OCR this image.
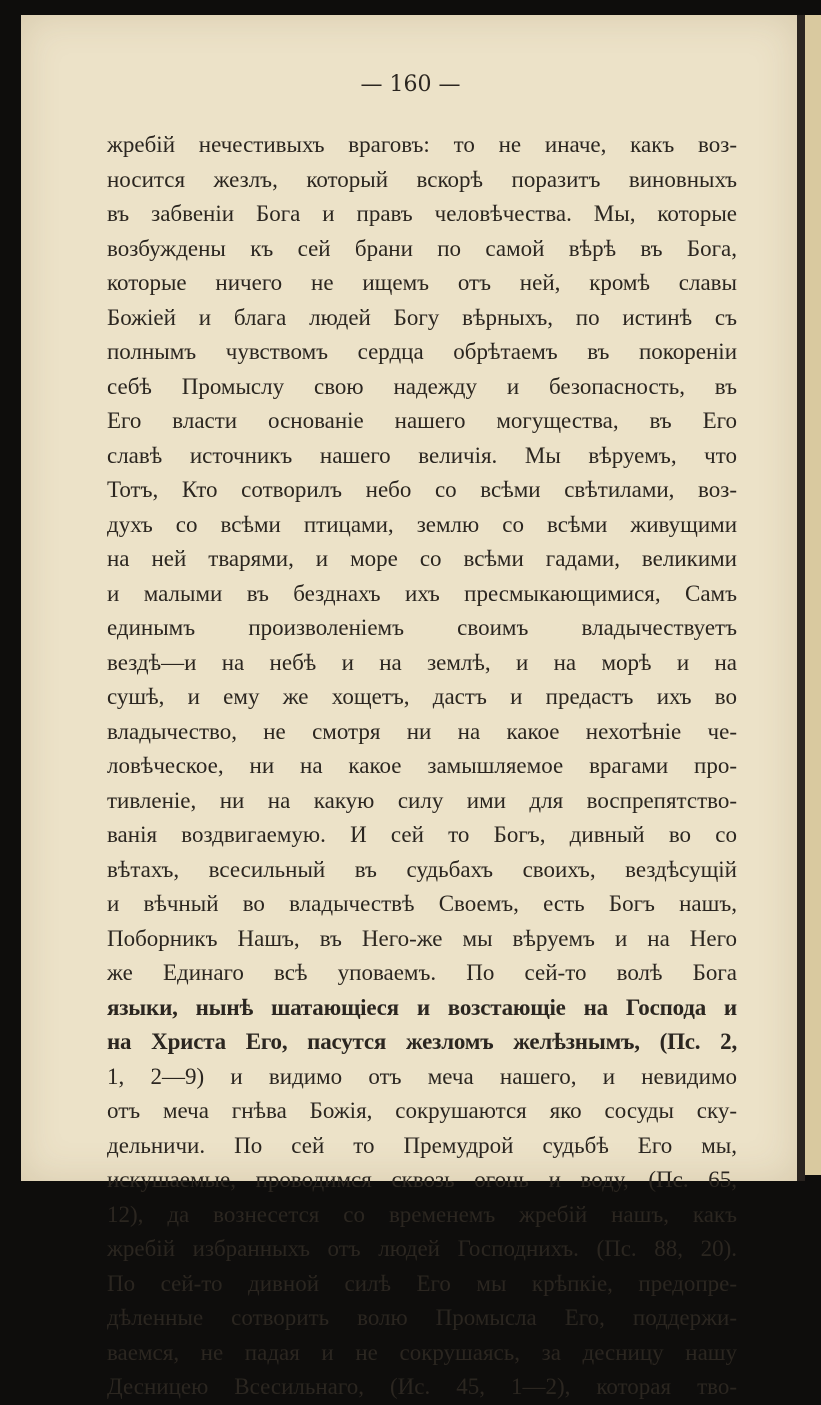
— 160 —

жребій нечестивыхъ враговъ: то не иначе, какъ воз-
носится жезлъ, который вскорѣ поразитъ виновныхъ
въ забвеніи Бога и правъ человѣчества. Мы, которые
возбуждены къ сей брани по самой вѣрѣ въ Бога,
которые ничего не ищемъ отъ ней, кромѣ славы
Божіей и блага людей Богу вѣрныхъ, по истинѣ съ
полнымъ чувствомъ сердца обрѣтаемъ въ покореніи
себѣ Промыслу свою надежду и безопасность, въ
Его власти основаніе нашего могущества, въ Его
славѣ источникъ нашего величія. Мы вѣруемъ, что
Тотъ, Кто сотворилъ небо со всѣми свѣтилами, воз-
духъ со всѣми птицами, землю со всѣми живущими
на ней тварями, и море со всѣми гадами, великими
и малыми въ безднахъ ихъ пресмыкающимися, Самъ
единымъ произволеніемъ своимъ владычествуетъ
вездѣ—и на небѣ и на землѣ, и на морѣ и на
сушѣ, и ему же хощетъ, дастъ и предастъ ихъ во
владычество, не смотря ни на какое нехотѣніе че-
ловѣческое, ни на какое замышляемое врагами про-
тивленіе, ни на какую силу ими для воспрепятство-
ванія воздвигаемую. И сей то Богъ, дивный во со
вѣтахъ, всесильный въ судьбахъ своихъ, вездѣсущій
и вѣчный во владычествѣ Своемъ, есть Богъ нашъ,
Поборникъ Нашъ, въ Него-же мы вѣруемъ и на Него
же Единаго всѣ уповаемъ. По сей-то волѣ Бога
языки, нынѣ шатающіеся и возстающіе на Господа и
на Христа Его, пасутся жезломъ желѣзнымъ, (Пс. 2,
1, 2—9) и видимо отъ меча нашего, и невидимо
отъ меча гнѣва Божія, сокрушаются яко сосуды ску-
дельничи. По сей то Премудрой судьбѣ Его мы,
искушаемые, проводимся сквозь огонь и воду, (Пс. 65,
12), да вознесется со временемъ жребій нашъ, какъ
жребій избранныхъ отъ людей Господнихъ. (Пс. 88, 20).
По сей-то дивной силѣ Его мы крѣпкіе, предопре-
дѣленные сотворить волю Промысла Его, поддержи-
ваемся, не падая и не сокрушаясь, за десницу нашу
Десницею Всесильнаго, (Ис. 45, 1—2), которая тво-
